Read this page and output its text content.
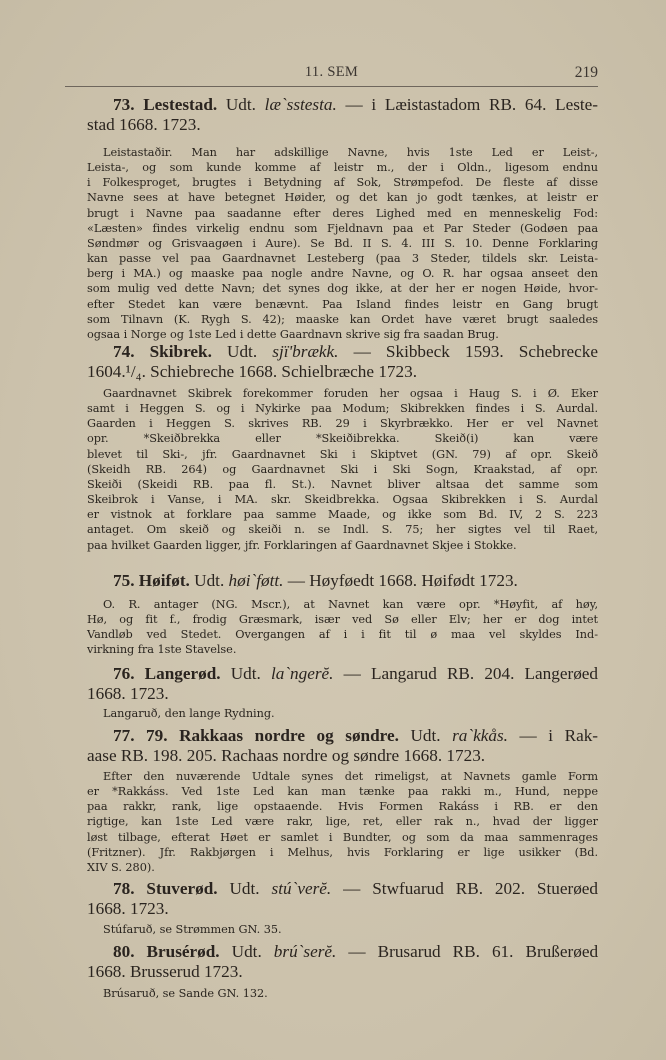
11. SEM	219
73. Lestestad. Udt. læ`sstesta. — i Læistastadom RB. 64. Leste-
stad 1668. 1723.
Leistastaðir. Man har adskillige Navne, hvis 1ste Led er Leist-,
Leista-, og som kunde komme af leistr m., der i Oldn., ligesom endnu
i Folkesproget, brugtes i Betydning af Sok, Strømpefod. De fleste af disse
Navne sees at have betegnet Høider, og det kan jo godt tænkes, at leistr er
brugt i Navne paa saadanne efter deres Lighed med en menneskelig Fod:
«Læsten» findes virkelig endnu som Fjeldnavn paa et Par Steder (Godøen paa
Søndmør og Grisvaagøen i Aure). Se Bd. II S. 4. III S. 10. Denne Forklaring
kan passe vel paa Gaardnavnet Lesteberg (paa 3 Steder, tildels skr. Leista-
berg i MA.) og maaske paa nogle andre Navne, og O. R. har ogsaa anseet den
som mulig ved dette Navn; det synes dog ikke, at der her er nogen Høide, hvor-
efter Stedet kan være benævnt. Paa Island findes leistr en Gang brugt
som Tilnavn (K. Rygh S. 42); maaske kan Ordet have været brugt saaledes
ogsaa i Norge og 1ste Led i dette Gaardnavn skrive sig fra saadan Brug.
74. Skibrek. Udt. sjï'brækk. — Skibbeck 1593. Schebrecke
1604.¹/₄. Schiebreche 1668. Schielbræche 1723.
Gaardnavnet Skibrek forekommer foruden her ogsaa i Haug S. i Ø. Eker
samt i Heggen S. og i Nykirke paa Modum; Skibrekken findes i S. Aurdal.
Gaarden i Heggen S. skrives RB. 29 i Skyrbrækko. Her er vel Navnet
opr. *Skeiðbrekka eller *Skeiðibrekka. Skeið(i) kan være
blevet til Ski-, jfr. Gaardnavnet Ski i Skiptvet (GN. 79) af opr. Skeið
(Skeidh RB. 264) og Gaardnavnet Ski i Ski Sogn, Kraakstad, af opr.
Skeiði (Skeidi RB. paa fl. St.). Navnet bliver altsaa det samme som
Skeibrok i Vanse, i MA. skr. Skeidbrekka. Ogsaa Skibrekken i S. Aurdal
er vistnok at forklare paa samme Maade, og ikke som Bd. IV, 2 S. 223
antaget. Om skeið og skeiði n. se Indl. S. 75; her sigtes vel til Raet,
paa hvilket Gaarden ligger, jfr. Forklaringen af Gaardnavnet Skjee i Stokke.
75. Høiføt. Udt. høi`føtt. — Høyføedt 1668. Høifødt 1723.
O. R. antager (NG. Mscr.), at Navnet kan være opr. *Høyfit, af høy,
Hø, og fit f., frodig Græsmark, især ved Sø eller Elv; her er dog intet
Vandløb ved Stedet. Overgangen af i i fit til ø maa vel skyldes Ind-
virkning fra 1ste Stavelse.
76. Langerød. Udt. la`ngerĕ. — Langarud RB. 204. Langerøed
1668. 1723.
Langaruð, den lange Rydning.
77. 79. Rakkaas nordre og søndre. Udt. ra`kkås. — i Rak-
aase RB. 198. 205. Rachaas nordre og søndre 1668. 1723.
Efter den nuværende Udtale synes det rimeligst, at Navnets gamle Form
er *Rakkáss. Ved 1ste Led kan man tænke paa rakki m., Hund, neppe
paa rakkr, rank, lige opstaaende. Hvis Formen Rakáss i RB. er den
rigtige, kan 1ste Led være rakr, lige, ret, eller rak n., hvad der ligger
løst tilbage, efterat Høet er samlet i Bundter, og som da maa sammenrages
(Fritzner). Jfr. Rakbjørgen i Melhus, hvis Forklaring er lige usikker (Bd.
XIV S. 280).
78. Stuverød. Udt. stú`verĕ. — Stwfuarud RB. 202. Stuerøed
1668. 1723.
Stúfaruð, se Strømmen GN. 35.
80. Brusérød. Udt. brú`serĕ. — Brusarud RB. 61. Brußerøed
1668. Brusserud 1723.
Brúsaruð, se Sande GN. 132.
